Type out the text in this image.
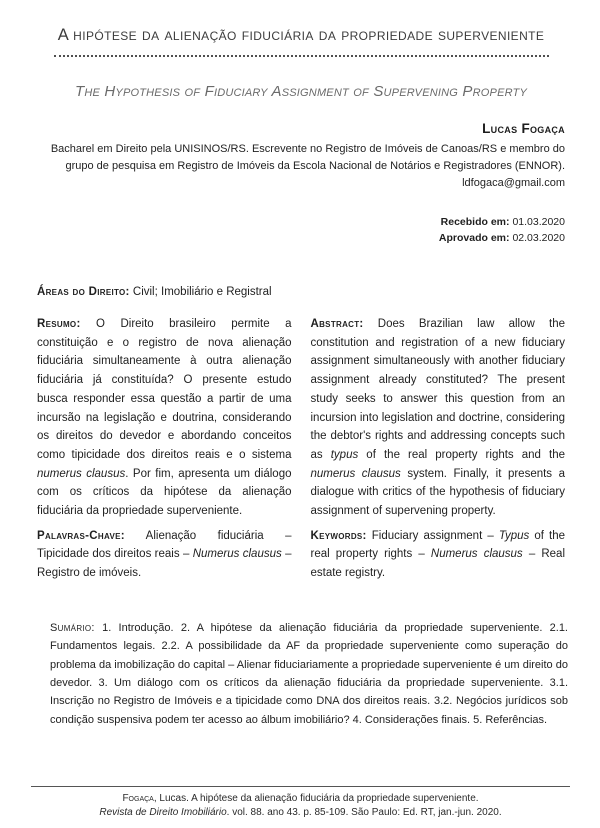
A hipótese da alienação fiduciária da propriedade superveniente
The Hypothesis of Fiduciary Assignment of Supervening Property
Lucas Fogaça
Bacharel em Direito pela UNISINOS/RS. Escrevente no Registro de Imóveis de Canoas/RS e membro do grupo de pesquisa em Registro de Imóveis da Escola Nacional de Notários e Registradores (ENNOR).
ldfogaca@gmail.com
Recebido em: 01.03.2020
Aprovado em: 02.03.2020

Áreas do Direito: Civil; Imobiliário e Registral

Resumo: O Direito brasileiro permite a constituição e o registro de nova alienação fiduciária simultaneamente à outra alienação fiduciária já constituída? O presente estudo busca responder essa questão a partir de uma incursão na legislação e doutrina, considerando os direitos do devedor e abordando conceitos como tipicidade dos direitos reais e o sistema numerus clausus. Por fim, apresenta um diálogo com os críticos da hipótese da alienação fiduciária da propriedade superveniente.

Palavras-Chave: Alienação fiduciária – Tipicidade dos direitos reais – Numerus clausus – Registro de imóveis.

Abstract: Does Brazilian law allow the constitution and registration of a new fiduciary assignment simultaneously with another fiduciary assignment already constituted? The present study seeks to answer this question from an incursion into legislation and doctrine, considering the debtor's rights and addressing concepts such as typus of the real property rights and the numerus clausus system. Finally, it presents a dialogue with critics of the hypothesis of fiduciary assignment of supervening property.

Keywords: Fiduciary assignment – Typus of the real property rights – Numerus clausus – Real estate registry.

Sumário: 1. Introdução. 2. A hipótese da alienação fiduciária da propriedade superveniente. 2.1. Fundamentos legais. 2.2. A possibilidade da AF da propriedade superveniente como superação do problema da imobilização do capital – Alienar fiduciariamente a propriedade superveniente é um direito do devedor. 3. Um diálogo com os críticos da alienação fiduciária da propriedade superveniente. 3.1. Inscrição no Registro de Imóveis e a tipicidade como DNA dos direitos reais. 3.2. Negócios jurídicos sob condição suspensiva podem ter acesso ao álbum imobiliário? 4. Considerações finais. 5. Referências.

Fogaça, Lucas. A hipótese da alienação fiduciária da propriedade superveniente.
Revista de Direito Imobiliário. vol. 88. ano 43. p. 85-109. São Paulo: Ed. RT, jan.-jun. 2020.
